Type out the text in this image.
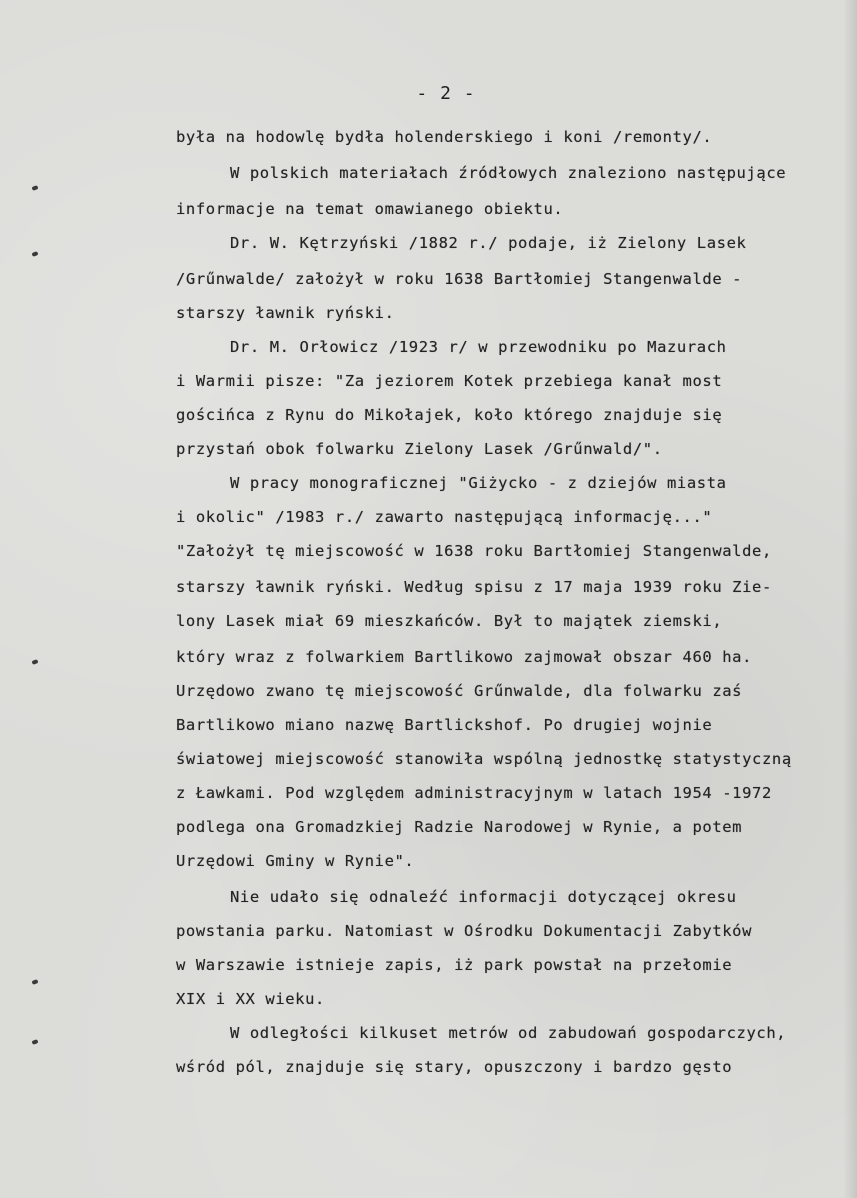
- 2 -
była na hodowlę bydła holenderskiego i koni /remonty/.
W polskich materiałach źródłowych znaleziono następujące
informacje na temat omawianego obiektu.
Dr. W. Kętrzyński /1882 r./ podaje, iż Zielony Lasek
/Grűnwalde/ założył w roku 1638 Bartłomiej Stangenwalde -
starszy ławnik ryński.
Dr. M. Orłowicz /1923 r/ w przewodniku po Mazurach
i Warmii pisze: "Za jeziorem Kotek przebiega kanał most
gościńca z Rynu do Mikołajek, koło którego znajduje się
przystań obok folwarku Zielony Lasek /Grűnwald/".
W pracy monograficznej "Giżycko - z dziejów miasta
i okolic" /1983 r./ zawarto następującą informację..."
"Założył tę miejscowość w 1638 roku Bartłomiej Stangenwalde,
starszy ławnik ryński. Według spisu z 17 maja 1939 roku Zie-
lony Lasek miał 69 mieszkańców. Był to majątek ziemski,
który wraz z folwarkiem Bartlikowo zajmował obszar 460 ha.
Urzędowo zwano tę miejscowość Grűnwalde, dla folwarku zaś
Bartlikowo miano nazwę Bartlickshof. Po drugiej wojnie
światowej miejscowość stanowiła wspólną jednostkę statystyczną
z Ławkami. Pod względem administracyjnym w latach 1954 -1972
podlega ona Gromadzkiej Radzie Narodowej w Rynie, a potem
Urzędowi Gminy w Rynie".
Nie udało się odnaleźć informacji dotyczącej okresu
powstania parku. Natomiast w Ośrodku Dokumentacji Zabytków
w Warszawie istnieje zapis, iż park powstał na przełomie
XIX i XX wieku.
W odległości kilkuset metrów od zabudowań gospodarczych,
wśród pól, znajduje się stary, opuszczony i bardzo gęsto
